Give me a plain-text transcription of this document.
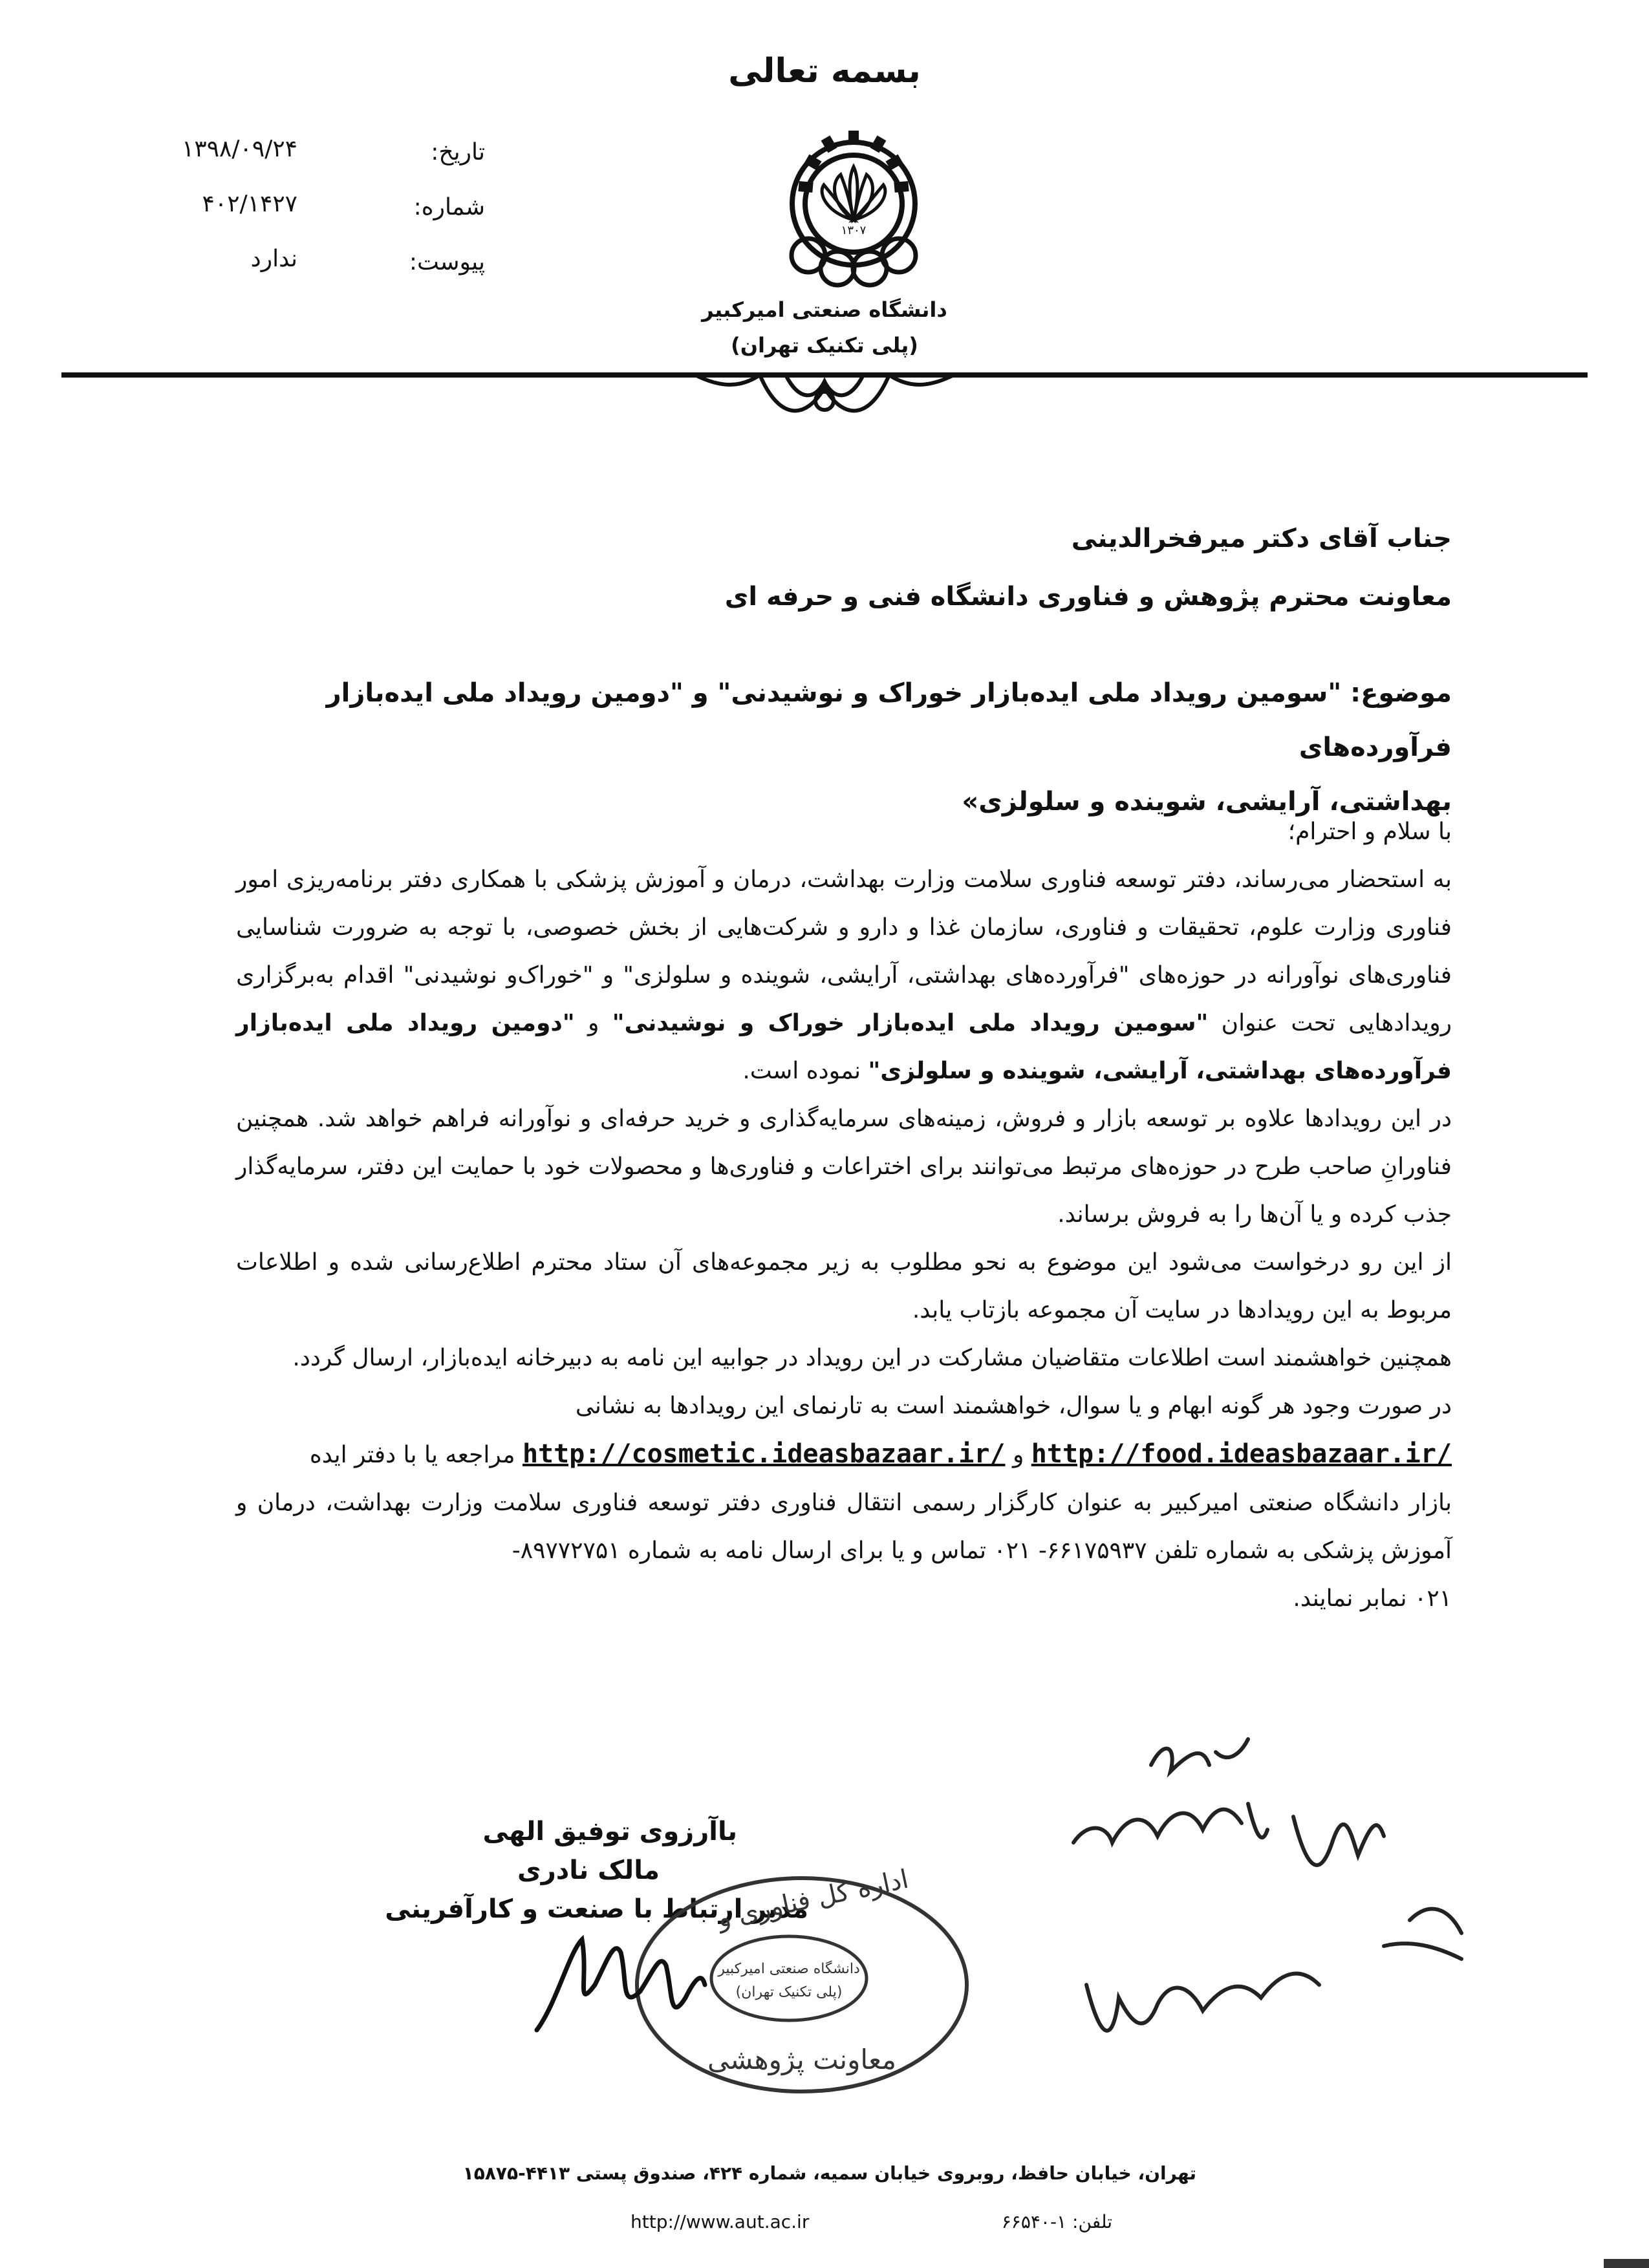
بسمه تعالی
۱۳۰۷
دانشگاه صنعتی امیرکبیر
(پلی تکنیک تهران)
تاریخ:
۱۳۹۸/۰۹/۲۴
شماره:
۴۰۲/۱۴۲۷
پیوست:
ندارد
جناب آقای دکتر میرفخرالدینی
معاونت محترم پژوهش و فناوری دانشگاه فنی و حرفه ای
موضوع: "سومین رویداد ملی ایده‌بازار خوراک و نوشیدنی" و "دومین رویداد ملی ایده‌بازار فرآورده‌های
بهداشتی، آرایشی، شوینده و سلولزی»

با سلام و احترام؛

به استحضار می‌رساند، دفتر توسعه فناوری سلامت وزارت بهداشت، درمان و آموزش پزشکی با همکاری دفتر برنامه‌ریزی امور فناوری وزارت علوم، تحقیقات و فناوری، سازمان غذا و دارو و شرکت‌هایی از بخش خصوصی، با توجه به ضرورت شناسایی فناوری‌های نوآورانه در حوزه‌های "فرآورده‌های بهداشتی، آرایشی، شوینده و سلولزی" و "خوراک‌و نوشیدنی" اقدام به‌برگزاری رویدادهایی تحت عنوان "سومین رویداد ملی ایده‌بازار خوراک و نوشیدنی" و "دومین رویداد ملی ایده‌بازار فرآورده‌های بهداشتی، آرایشی، شوینده و سلولزی" نموده است.

در این رویدادها علاوه بر توسعه بازار و فروش، زمینه‌های سرمایه‌گذاری و خرید حرفه‌ای و نوآورانه فراهم خواهد شد. همچنین فناورانِ صاحب طرح در حوزه‌های مرتبط می‌توانند برای اختراعات و فناوری‌ها و محصولات خود با حمایت این دفتر، سرمایه‌گذار جذب کرده و یا آن‌ها را به فروش برساند.

از این رو درخواست می‌شود این موضوع به نحو مطلوب به زیر مجموعه‌های آن ستاد محترم اطلاع‌رسانی شده و اطلاعات مربوط به این رویدادها در سایت آن مجموعه بازتاب یابد.

همچنین خواهشمند است اطلاعات متقاضیان مشارکت در این رویداد در جوابیه این نامه به دبیرخانه ایده‌بازار، ارسال گردد.

در صورت وجود هر گونه ابهام و یا سوال، خواهشمند است به تارنمای این رویدادها به نشانی

http://food.ideasbazaar.ir/ و http://cosmetic.ideasbazaar.ir/ مراجعه یا با دفتر ایده

بازار دانشگاه صنعتی امیرکبیر به عنوان کارگزار رسمی انتقال فناوری دفتر توسعه فناوری سلامت وزارت بهداشت، درمان و آموزش پزشکی به شماره تلفن ۶۶۱۷۵۹۳۷- ۰۲۱ تماس و یا برای ارسال نامه به شماره ۸۹۷۷۲۷۵۱-

۰۲۱ نمابر نمایند.

باآرزوی توفیق الهی
مالک نادری
مدیر ارتباط با صنعت و کارآفرینی
اداره کل فناوری و
دانشگاه صنعتی امیرکبیر
(پلی تکنیک تهران)
معاونت پژوهشی
تهران، خیابان حافظ، روبروی خیابان سمیه، شماره ۴۲۴، صندوق پستی ۴۴۱۳-۱۵۸۷۵
http://www.aut.ac.ir	تلفن: ۱-۶۶۵۴۰
